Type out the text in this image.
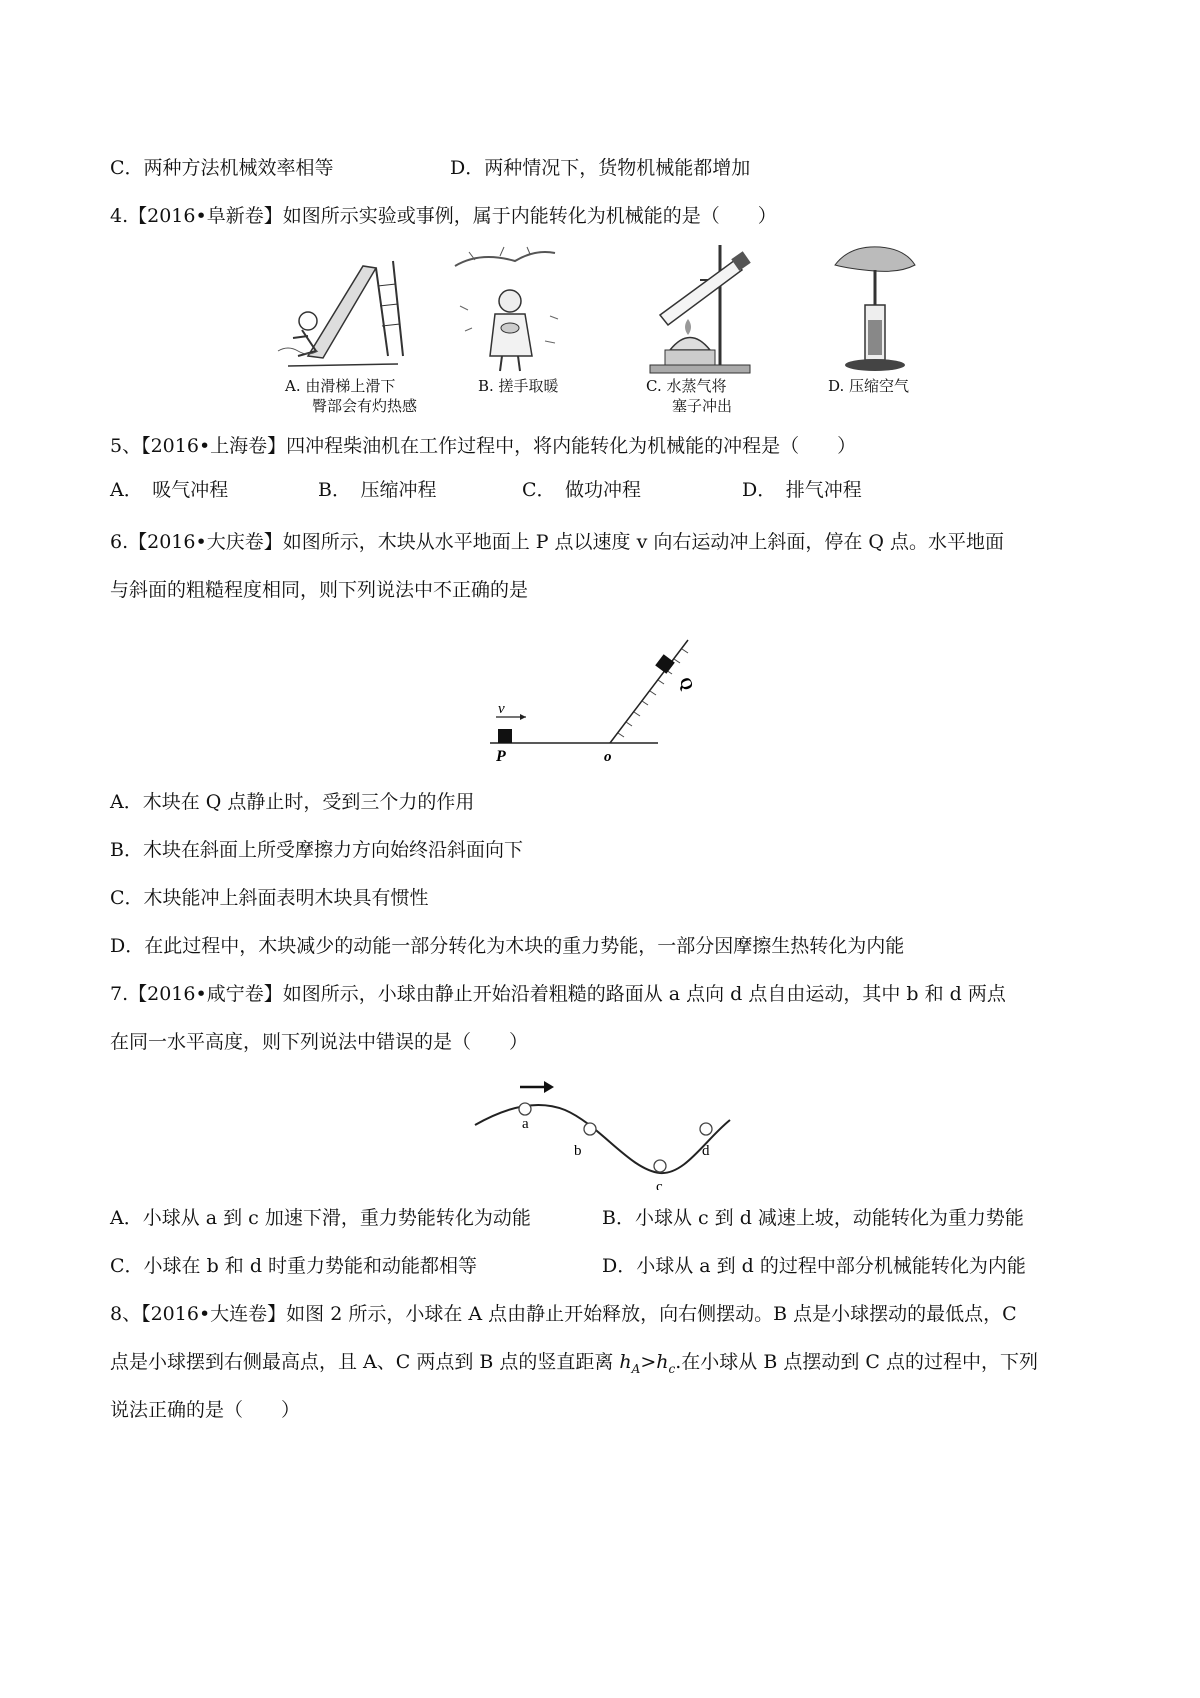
C．两种方法机械效率相等	D．两种情况下，货物机械能都增加
4.【2016•阜新卷】如图所示实验或事例，属于内能转化为机械能的是（　　）
A. 由滑梯上滑下
臀部会有灼热感
B. 搓手取暖	C. 水蒸气将
塞子冲出
D. 压缩空气
5、【2016•上海卷】四冲程柴油机在工作过程中，将内能转化为机械能的冲程是（　　）
A．　吸气冲程	B．　压缩冲程	C．　做功冲程	D．　排气冲程
6.【2016•大庆卷】如图所示，木块从水平地面上 P 点以速度 v 向右运动冲上斜面，停在 Q 点。水平地面
与斜面的粗糙程度相同，则下列说法中不正确的是
v
P	o
Q
A．木块在 Q 点静止时，受到三个力的作用
B．木块在斜面上所受摩擦力方向始终沿斜面向下
C．木块能冲上斜面表明木块具有惯性
D．在此过程中，木块减少的动能一部分转化为木块的重力势能，一部分因摩擦生热转化为内能
7.【2016•咸宁卷】如图所示，小球由静止开始沿着粗糙的路面从 a 点向 d 点自由运动，其中 b 和 d 两点
在同一水平高度，则下列说法中错误的是（　　）
a
b
c
d
A．小球从 a 到 c 加速下滑，重力势能转化为动能	B．小球从 c 到 d 减速上坡，动能转化为重力势能
C．小球在 b 和 d 时重力势能和动能都相等	D．小球从 a 到 d 的过程中部分机械能转化为内能
8、【2016•大连卷】如图 2 所示，小球在 A 点由静止开始释放，向右侧摆动。B 点是小球摆动的最低点，C
点是小球摆到右侧最高点，且 A、C 两点到 B 点的竖直距离 $h_A>h_c$.在小球从 B 点摆动到 C 点的过程中，下列
说法正确的是（　　）
